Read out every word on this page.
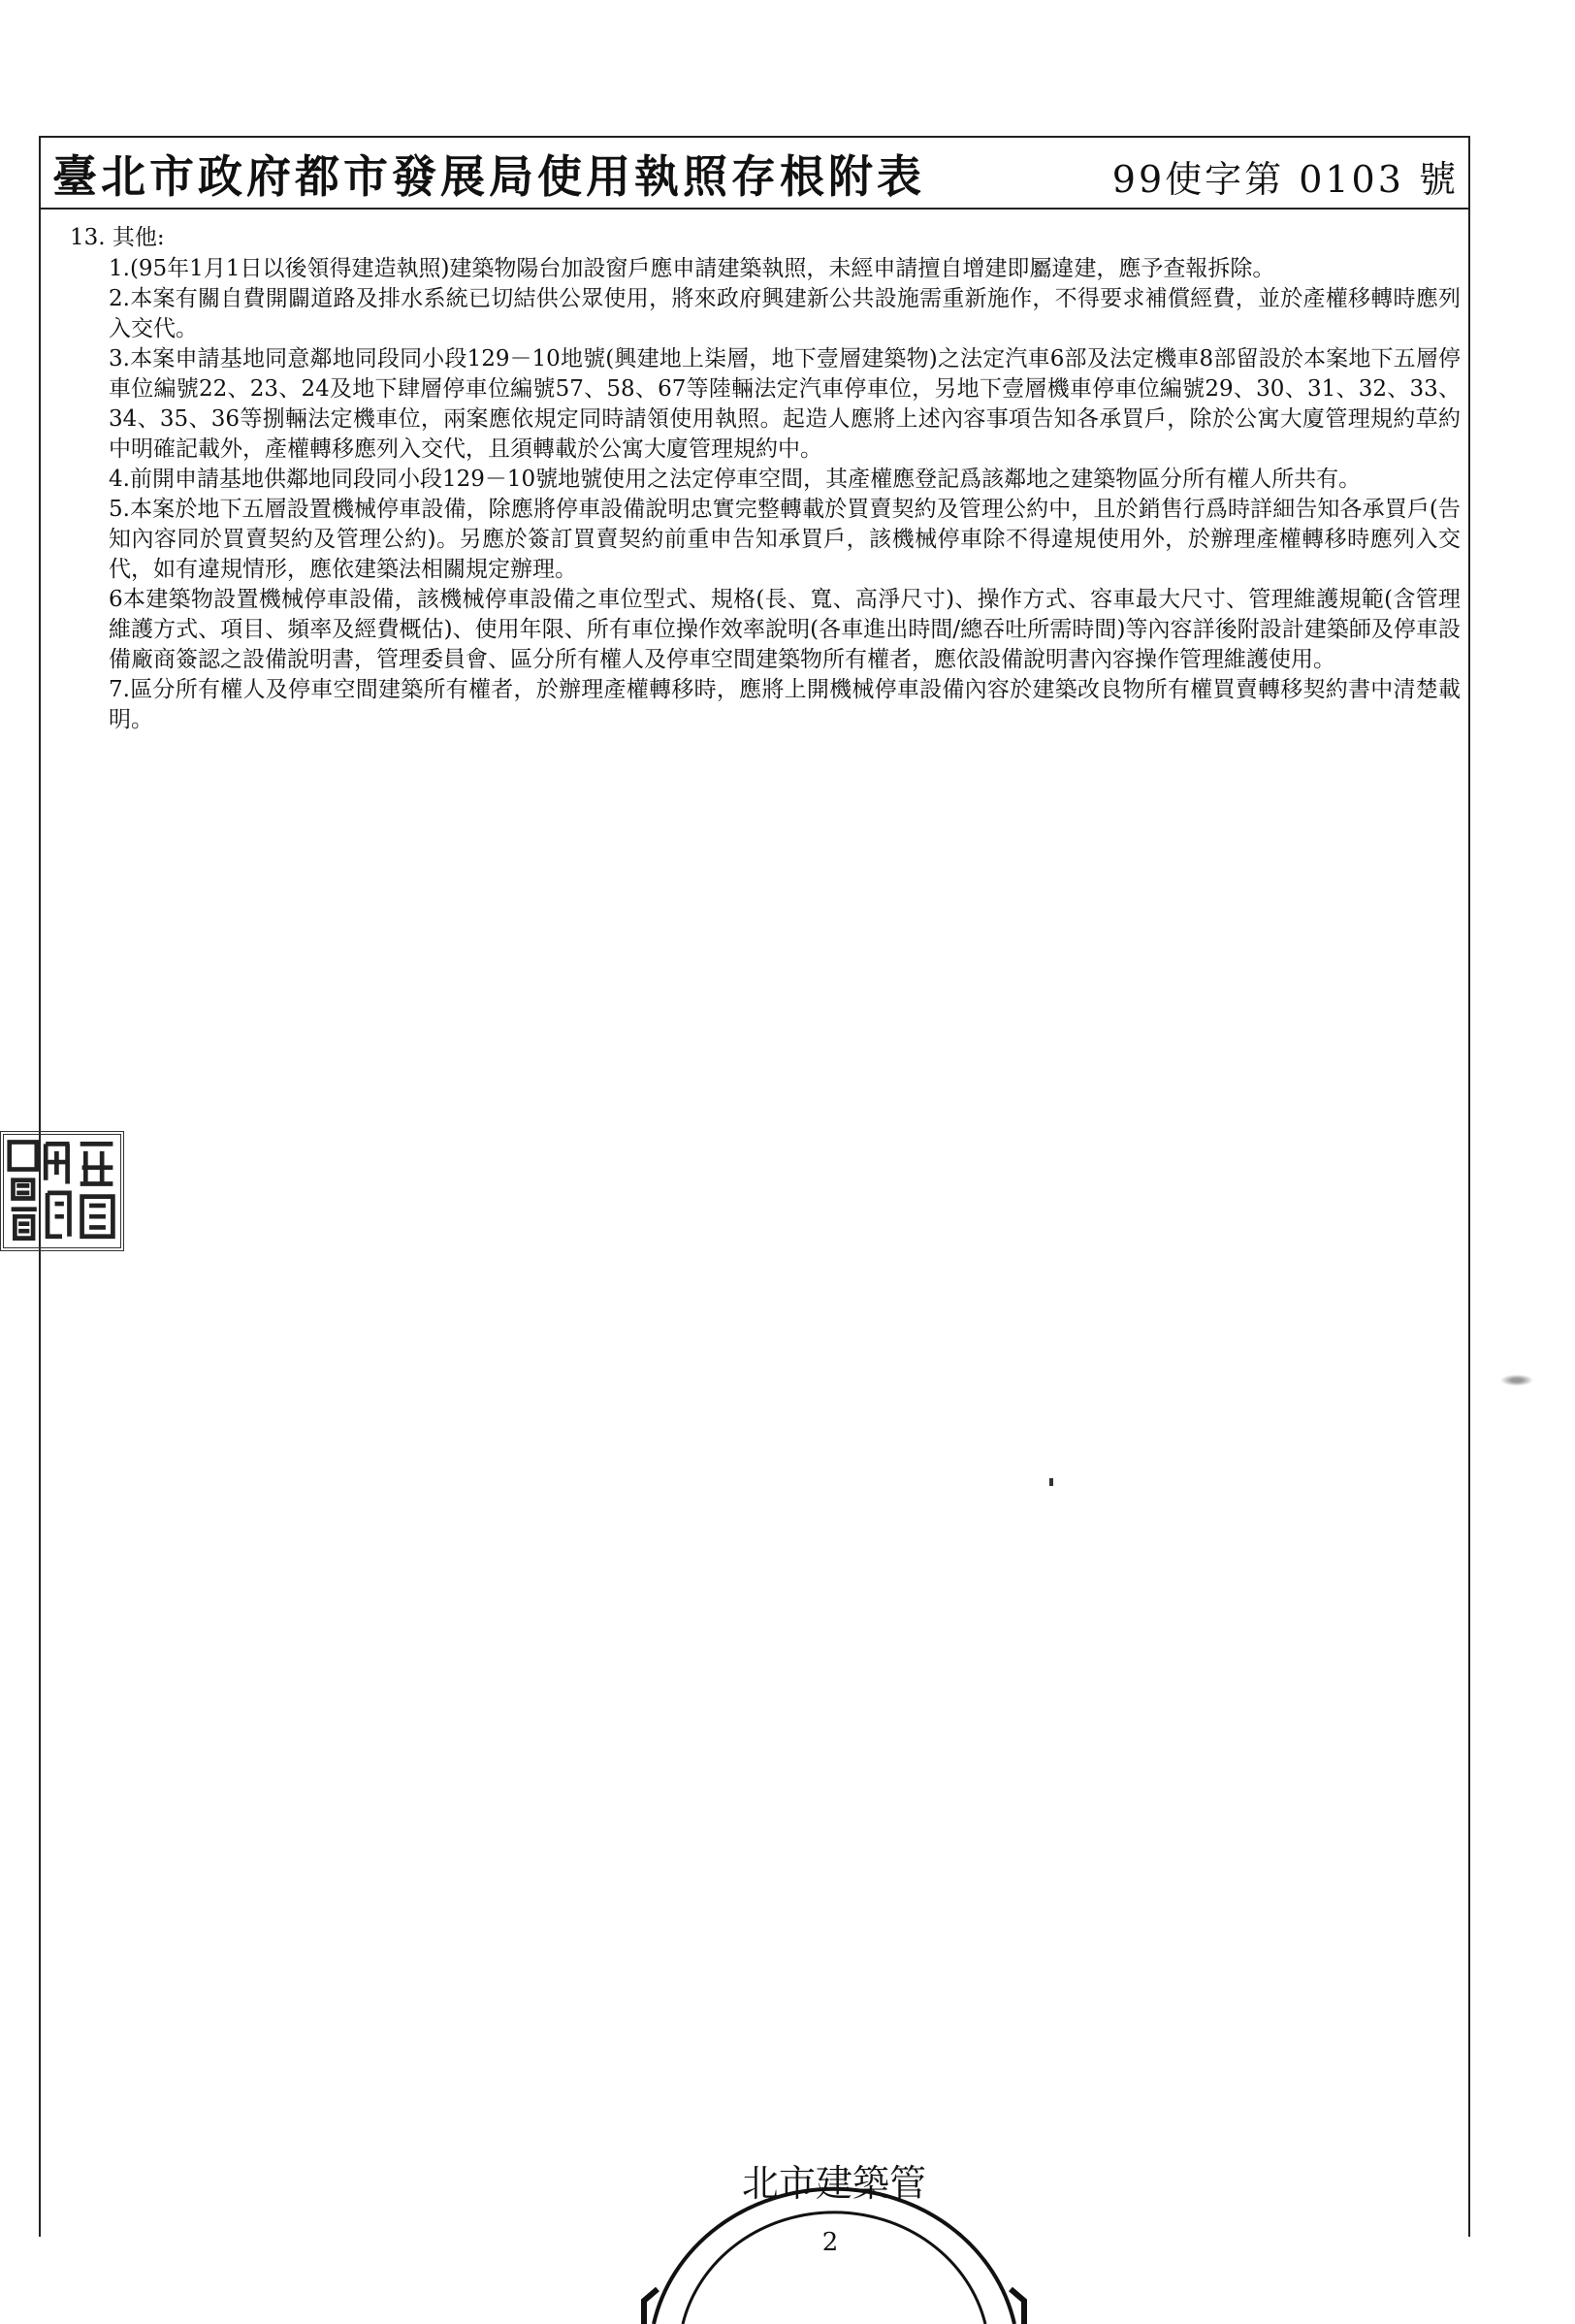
臺北市政府都市發展局使用執照存根附表	99使字第 0103 號
13. 其他:
1.(95年1月1日以後領得建造執照)建築物陽台加設窗戶應申請建築執照，未經申請擅自增建即屬違建，應予查報拆除。
2.本案有關自費開闢道路及排水系統已切結供公眾使用，將來政府興建新公共設施需重新施作，不得要求補償經費，並於產權移轉時應列入交代。
3.本案申請基地同意鄰地同段同小段129－10地號(興建地上柒層，地下壹層建築物)之法定汽車6部及法定機車8部留設於本案地下五層停車位編號22、23、24及地下肆層停車位編號57、58、67等陸輛法定汽車停車位，另地下壹層機車停車位編號29、30、31、32、33、34、35、36等捌輛法定機車位，兩案應依規定同時請領使用執照。起造人應將上述內容事項告知各承買戶，除於公寓大廈管理規約草約中明確記載外，產權轉移應列入交代，且須轉載於公寓大廈管理規約中。
4.前開申請基地供鄰地同段同小段129－10號地號使用之法定停車空間，其產權應登記爲該鄰地之建築物區分所有權人所共有。
5.本案於地下五層設置機械停車設備，除應將停車設備說明忠實完整轉載於買賣契約及管理公約中，且於銷售行爲時詳細告知各承買戶(告知內容同於買賣契約及管理公約)。另應於簽訂買賣契約前重申告知承買戶，該機械停車除不得違規使用外，於辦理產權轉移時應列入交代，如有違規情形，應依建築法相關規定辦理。
6本建築物設置機械停車設備，該機械停車設備之車位型式、規格(長、寬、高淨尺寸)、操作方式、容車最大尺寸、管理維護規範(含管理維護方式、項目、頻率及經費概估)、使用年限、所有車位操作效率說明(各車進出時間/總吞吐所需時間)等內容詳後附設計建築師及停車設備廠商簽認之設備說明書，管理委員會、區分所有權人及停車空間建築物所有權者，應依設備說明書內容操作管理維護使用。
7.區分所有權人及停車空間建築所有權者，於辦理產權轉移時，應將上開機械停車設備內容於建築改良物所有權買賣轉移契約書中清楚載明。
北市建築管
2
